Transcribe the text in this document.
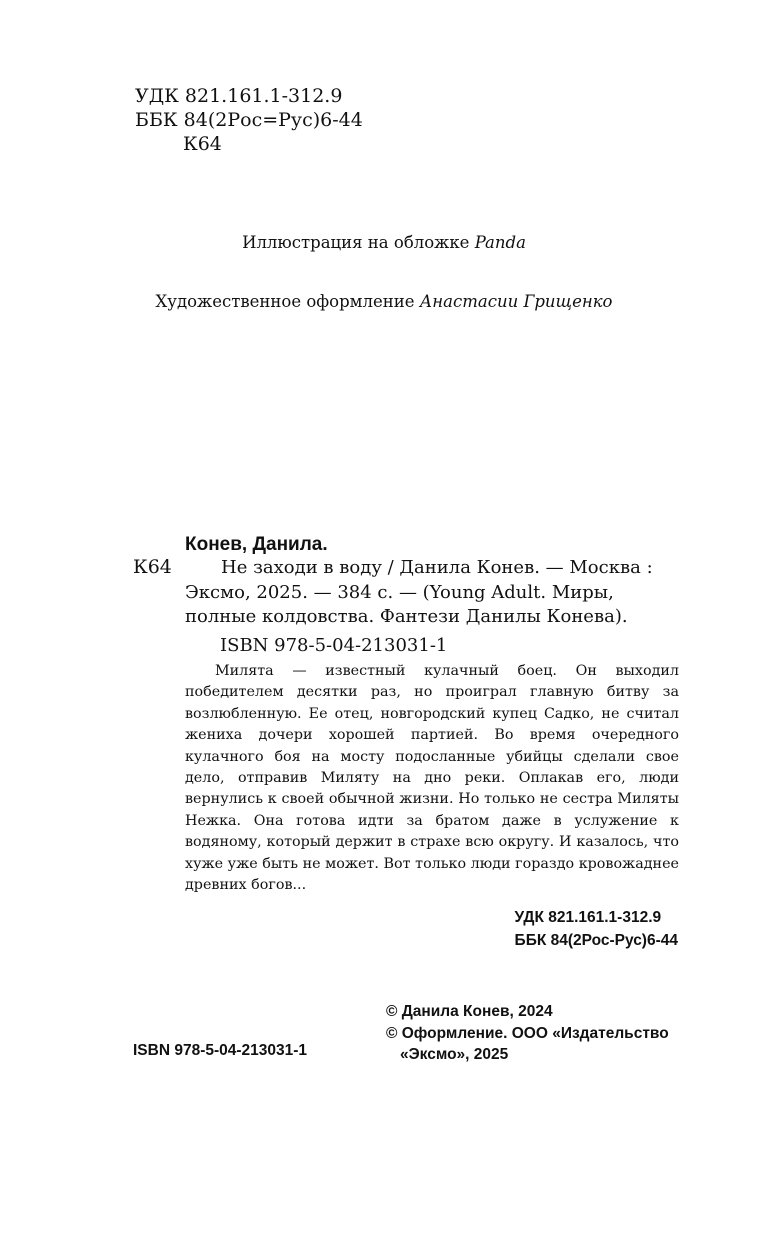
УДК 821.161.1-312.9
ББК 84(2Рос=Рус)6-44
К64
Иллюстрация на обложке Panda
Художественное оформление Анастасии Грищенко
Конев, Данила.
К64	Не заходи в воду / Данила Конев. — Москва :
Эксмо, 2025. — 384 с. — (Young Adult. Миры,
полные колдовства. Фантези Данилы Конева).
ISBN 978-5-04-213031-1
Милята — известный кулачный боец. Он выходил победителем десятки раз, но проиграл главную битву за возлюбленную. Ее отец, новгородский купец Садко, не считал жениха дочери хорошей партией. Во время очередного кулачного боя на мосту подосланные убийцы сделали свое дело, отправив Миляту на дно реки. Оплакав его, люди вернулись к своей обычной жизни. Но только не сестра Миляты Нежка. Она готова идти за братом даже в услужение к водяному, который держит в страхе всю округу. И казалось, что хуже уже быть не может. Вот только люди гораздо кровожаднее древних богов...
УДК 821.161.1-312.9
ББК 84(2Рос-Рус)6-44
ISBN 978-5-04-213031-1
© Данила Конев, 2024
© Оформление. ООО «Издательство
«Эксмо», 2025
